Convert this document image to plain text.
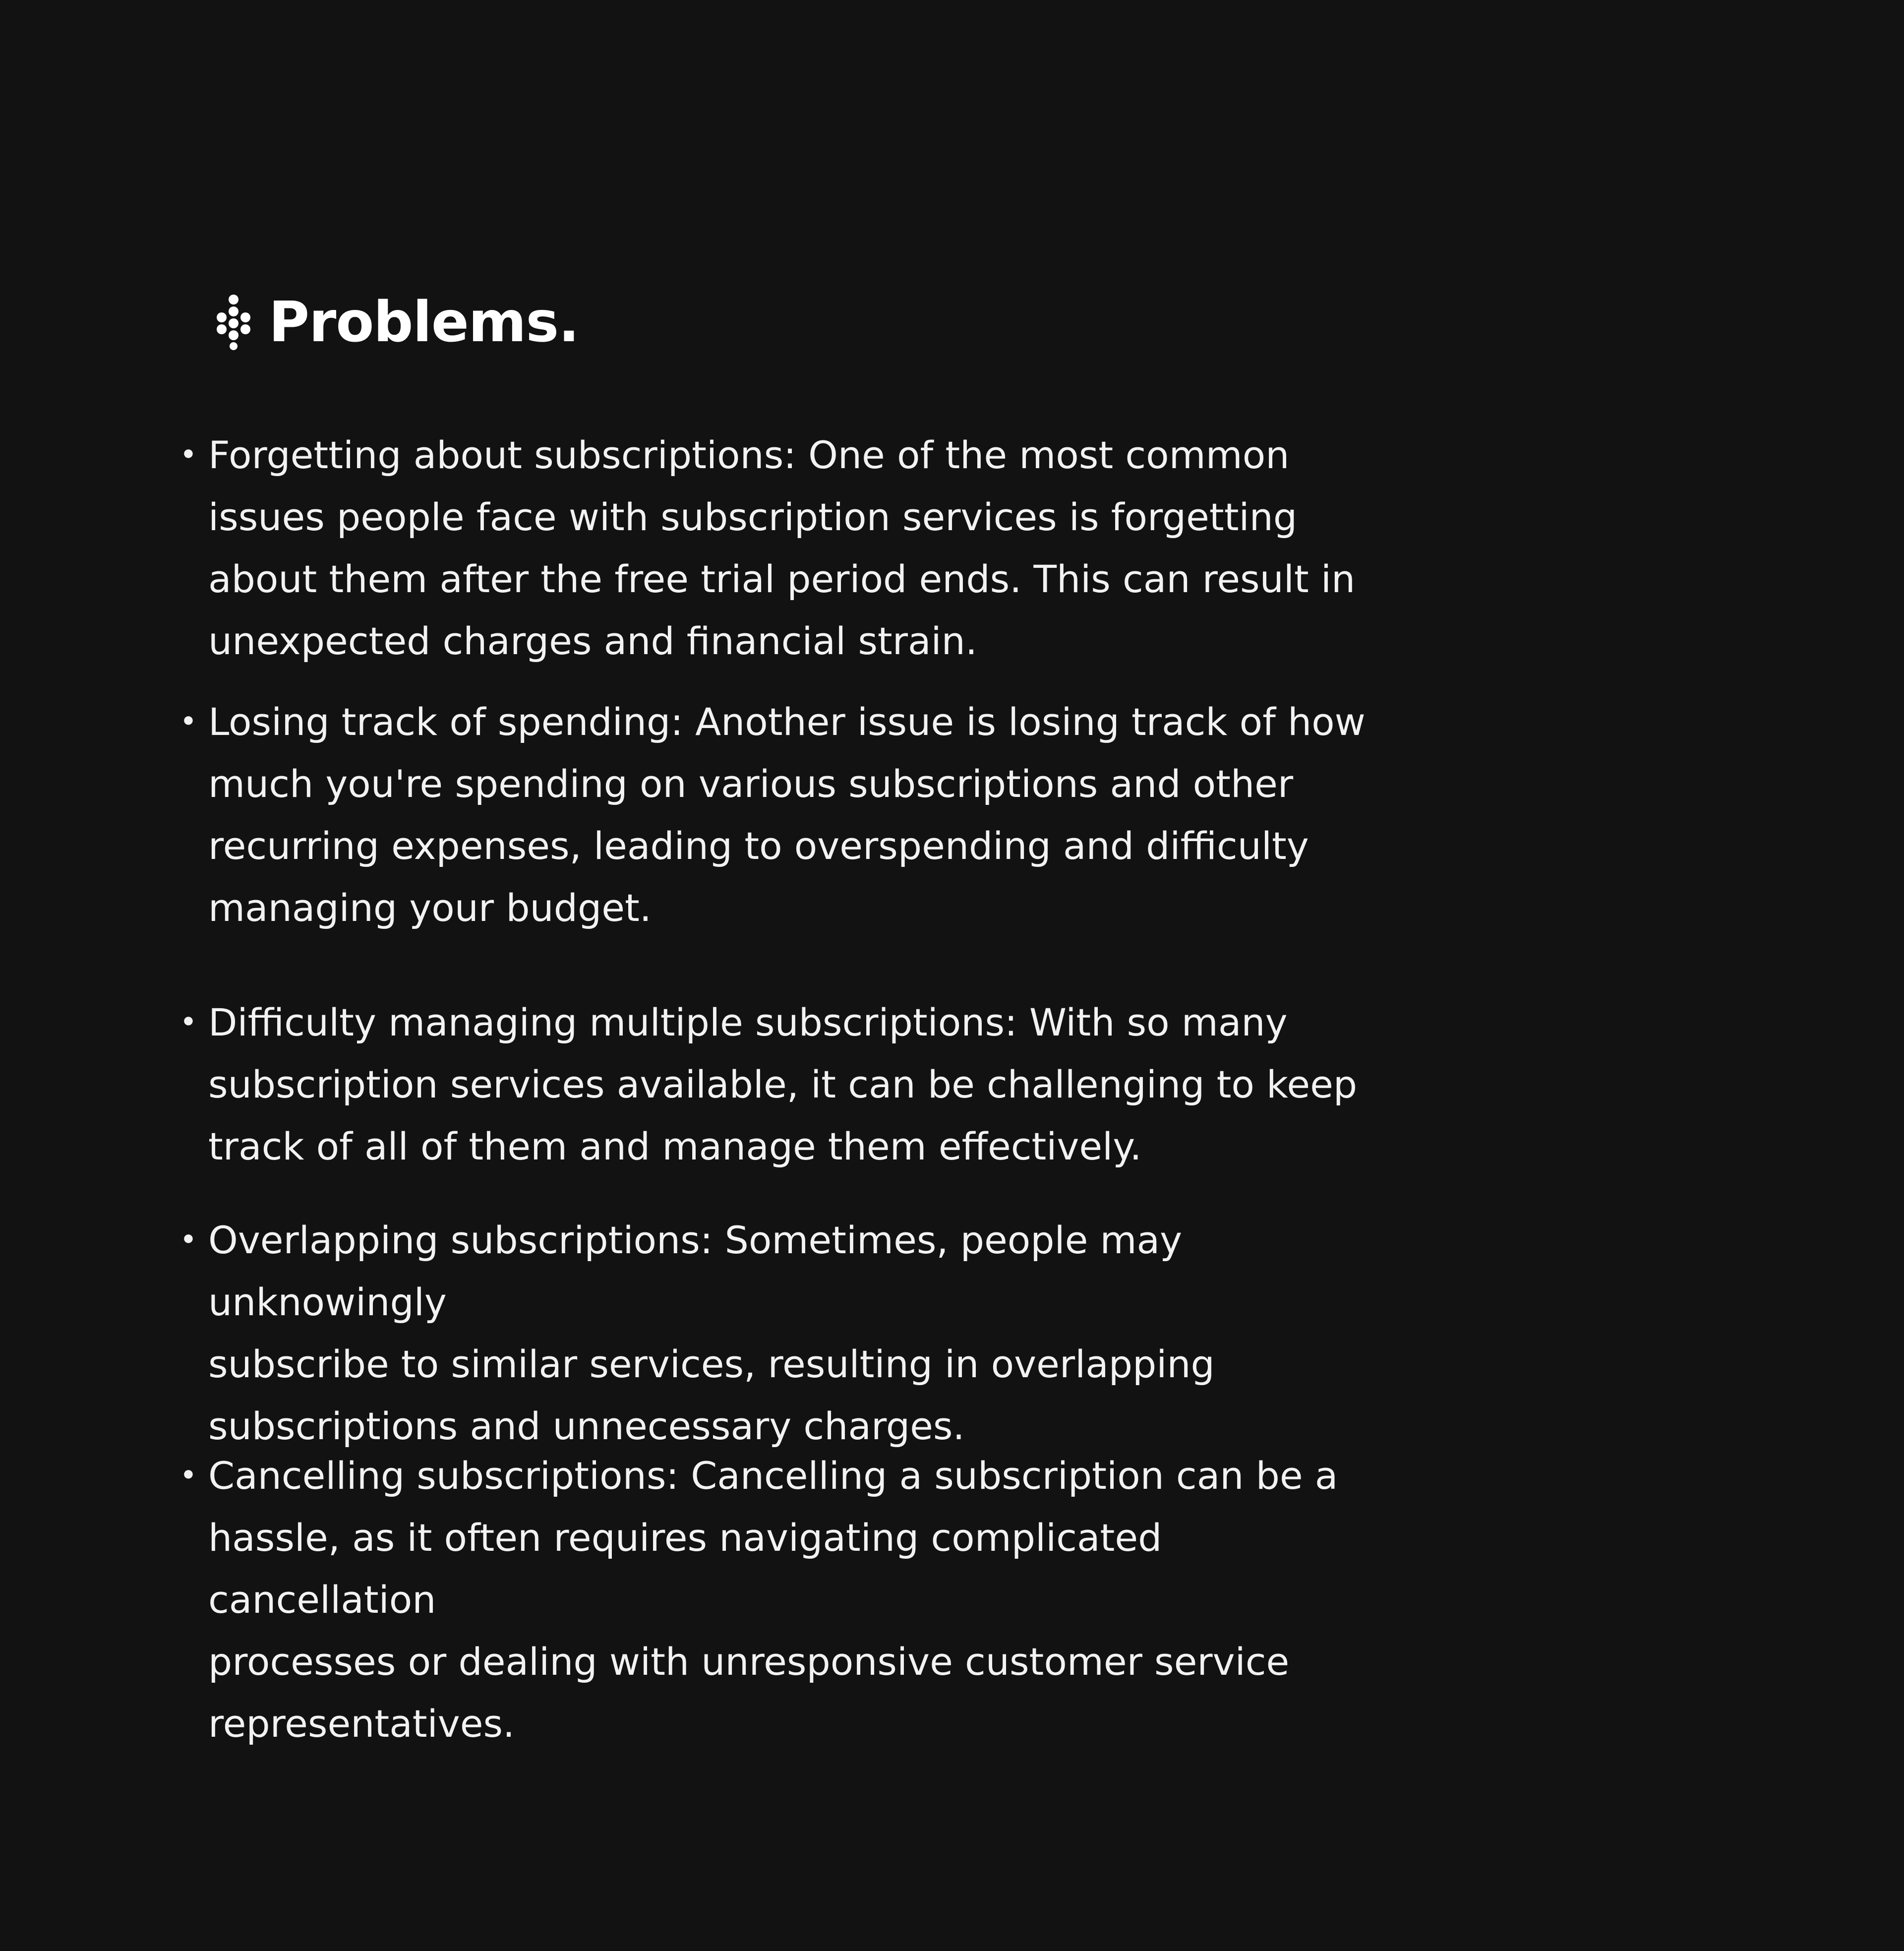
Problems.
• Forgetting about subscriptions: One of the most common
issues people face with subscription services is forgetting
about them after the free trial period ends. This can result in
unexpected charges and financial strain.
• Losing track of spending: Another issue is losing track of how
much you're spending on various subscriptions and other
recurring expenses, leading to overspending and difficulty
managing your budget.
• Difficulty managing multiple subscriptions: With so many
subscription services available, it can be challenging to keep
track of all of them and manage them effectively.
• Overlapping subscriptions: Sometimes, people may unknowingly
subscribe to similar services, resulting in overlapping
subscriptions and unnecessary charges.
• Cancelling subscriptions: Cancelling a subscription can be a
hassle, as it often requires navigating complicated cancellation
processes or dealing with unresponsive customer service
representatives.
